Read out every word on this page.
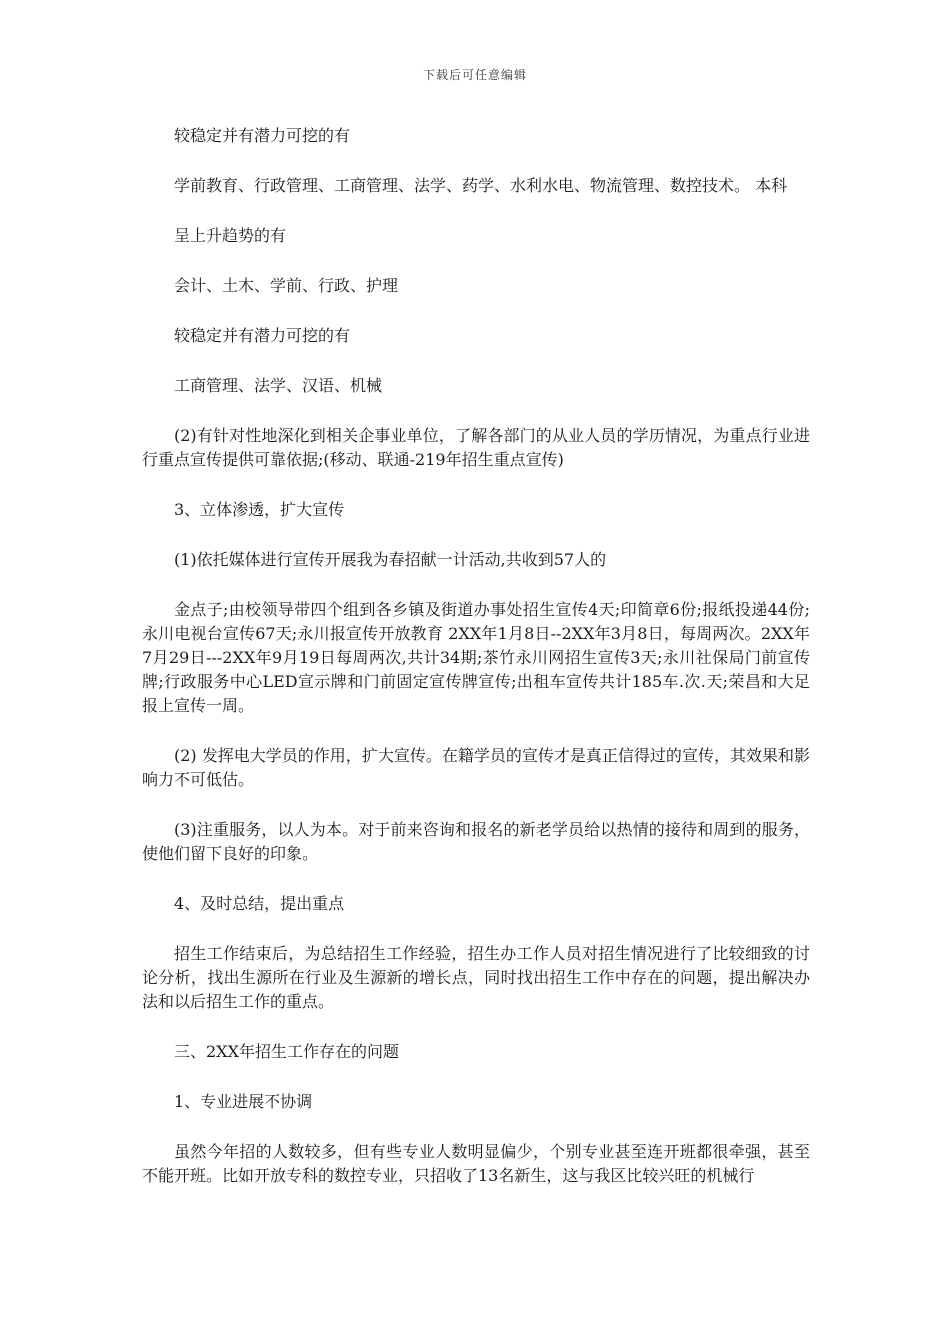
下载后可任意编辑

较稳定并有潜力可挖的有

学前教育、行政管理、工商管理、法学、药学、水利水电、物流管理、数控技术。 本科

呈上升趋势的有

会计、土木、学前、行政、护理

较稳定并有潜力可挖的有

工商管理、法学、汉语、机械

(2)有针对性地深化到相关企事业单位，了解各部门的从业人员的学历情况，为重点行业进行重点宣传提供可靠依据;(移动、联通-219年招生重点宣传)

3、立体渗透，扩大宣传

(1)依托媒体进行宣传开展我为春招献一计活动,共收到57人的

金点子;由校领导带四个组到各乡镇及街道办事处招生宣传4天;印简章6份;报纸投递44份;永川电视台宣传67天;永川报宣传开放教育 2XX年1月8日--2XX年3月8日，每周两次。2XX年7月29日---2XX年9月19日每周两次,共计34期;茶竹永川网招生宣传3天;永川社保局门前宣传牌;行政服务中心LED宣示牌和门前固定宣传牌宣传;出租车宣传共计185车.次.天;荣昌和大足报上宣传一周。

(2) 发挥电大学员的作用，扩大宣传。在籍学员的宣传才是真正信得过的宣传，其效果和影响力不可低估。

(3)注重服务，以人为本。对于前来咨询和报名的新老学员给以热情的接待和周到的服务，使他们留下良好的印象。

4、及时总结，提出重点

招生工作结束后，为总结招生工作经验，招生办工作人员对招生情况进行了比较细致的讨论分析，找出生源所在行业及生源新的增长点，同时找出招生工作中存在的问题，提出解决办法和以后招生工作的重点。

三、2XX年招生工作存在的问题

1、专业进展不协调

虽然今年招的人数较多，但有些专业人数明显偏少，个别专业甚至连开班都很牵强，甚至不能开班。比如开放专科的数控专业，只招收了13名新生，这与我区比较兴旺的机械行
